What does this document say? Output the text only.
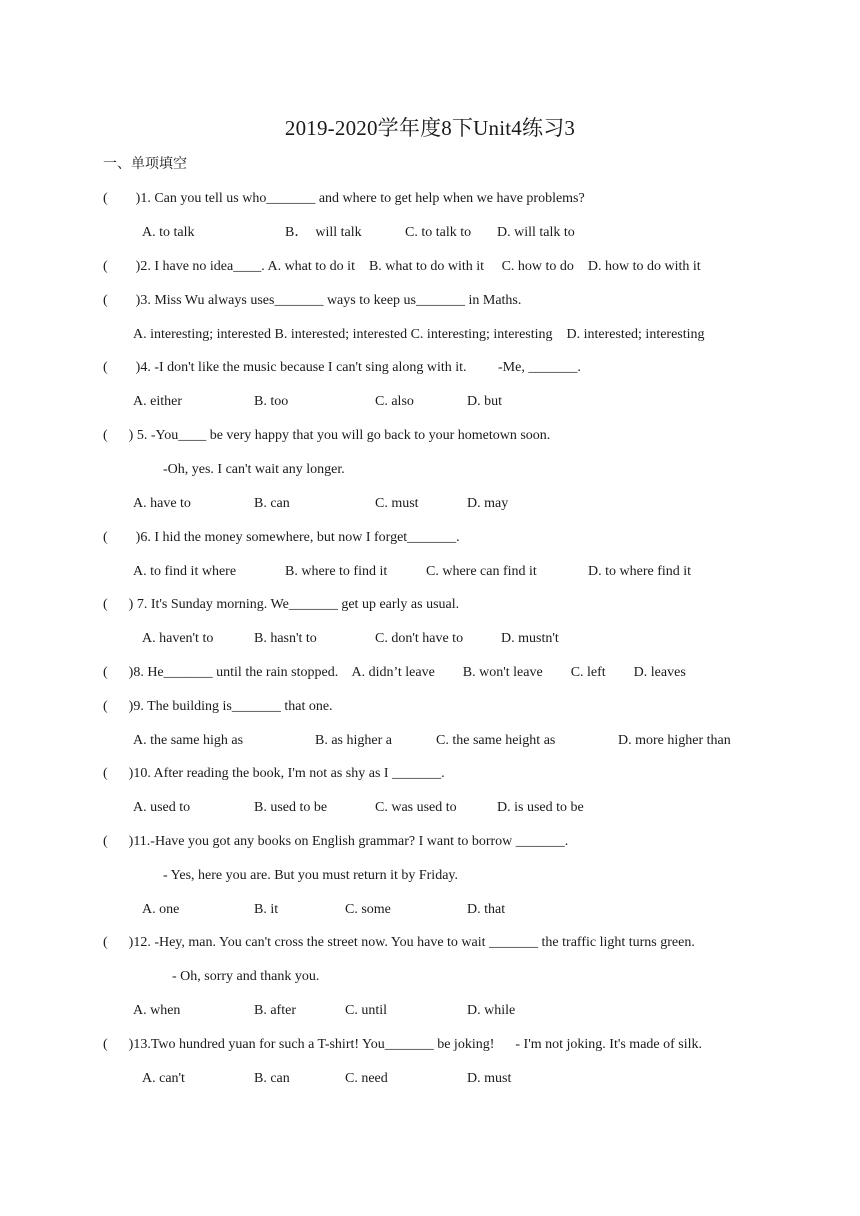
2019-2020学年度8下Unit4练习3
一、单项填空
(        )1. Can you tell us who_______ and where to get help when we have problems?
A. to talk	B．  will talk	C. to talk to D. will talk to
(        )2. I have no idea____. A. what to do it    B. what to do with it     C. how to do    D. how to do with it
(        )3. Miss Wu always uses_______ ways to keep us_______ in Maths.
A. interesting; interested B. interested; interested C. interesting; interesting    D. interested; interesting
(        )4. -I don't like the music because I can't sing along with it.         -Me, _______.
A. either	B. too	C. also	D. but
(      ) 5. -You____ be very happy that you will go back to your hometown soon.
-Oh, yes. I can't wait any longer.
A. have to	B. can	C. must	D. may
(        )6. I hid the money somewhere, but now I forget_______.
A. to find it where	B. where to find it	C. where can find it	D. to where find it
(      ) 7. It's Sunday morning. We_______ get up early as usual.
A. haven't to	B. hasn't to	C. don't have to	D. mustn't
(      )8. He_______ until the rain stopped.    A. didn’t leave        B. won't leave        C. left        D. leaves
(      )9. The building is_______ that one.
A. the same high as	B. as higher a	C. the same height as	D. more higher than
(      )10. After reading the book, I'm not as shy as I _______.
A. used to	B. used to be	C. was used to	D. is used to be
(      )11.-Have you got any books on English grammar? I want to borrow _______.
- Yes, here you are. But you must return it by Friday.
A. one	B. it	C. some	D. that
(      )12. -Hey, man. You can't cross the street now. You have to wait _______ the traffic light turns green.
- Oh, sorry and thank you.
A. when	B. after	C. until	D. while
(      )13.Two hundred yuan for such a T-shirt! You_______ be joking!      - I'm not joking. It's made of silk.
A. can't	B. can	C. need	D. must
